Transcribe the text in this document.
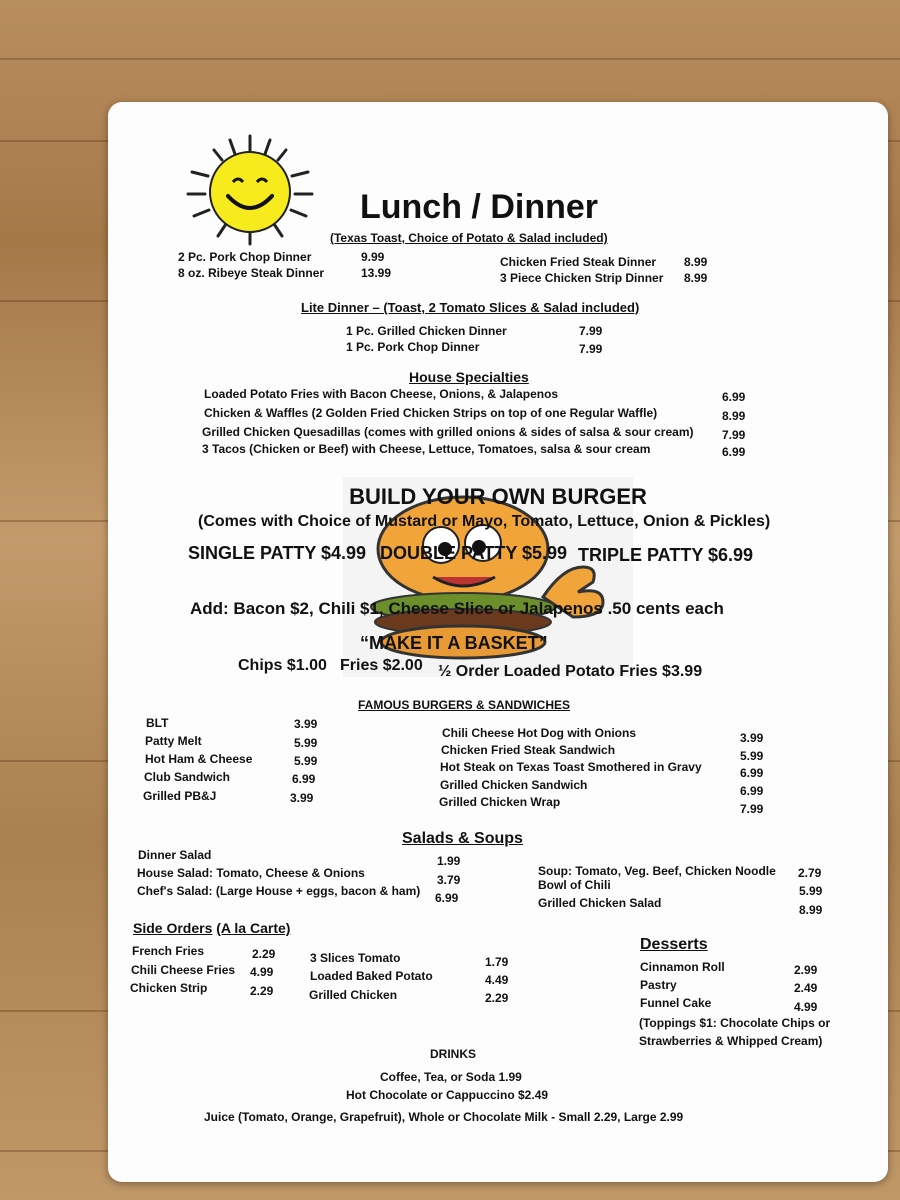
Lunch / Dinner
(Texas Toast, Choice of Potato & Salad included)
2 Pc. Pork Chop Dinner	9.99
8 oz. Ribeye Steak Dinner	13.99
Chicken Fried Steak Dinner 8.99
3 Piece Chicken Strip Dinner 8.99
Lite Dinner – (Toast, 2 Tomato Slices & Salad included)
1 Pc. Grilled Chicken Dinner	7.99
1 Pc. Pork Chop Dinner	7.99
House Specialties
Loaded Potato Fries with Bacon Cheese, Onions, & Jalapenos	6.99
Chicken & Waffles (2 Golden Fried Chicken Strips on top of one Regular Waffle)	8.99
Grilled Chicken Quesadillas (comes with grilled onions & sides of salsa & sour cream) 7.99
3 Tacos (Chicken or Beef) with Cheese, Lettuce, Tomatoes, salsa & sour cream	6.99
BUILD YOUR OWN BURGER
(Comes with Choice of Mustard or Mayo, Tomato, Lettuce, Onion & Pickles)
SINGLE PATTY $4.99 DOUBLE PATTY $5.99 TRIPLE PATTY $6.99
Add: Bacon $2, Chili $1, Cheese Slice or Jalapenos .50 cents each
“MAKE IT A BASKET”
Chips $1.00 Fries $2.00 ½ Order Loaded Potato Fries $3.99
FAMOUS BURGERS & SANDWICHES
BLT	3.99
Patty Melt	5.99
Hot Ham & Cheese	5.99
Club Sandwich	6.99
Grilled PB&J	3.99
Chili Cheese Hot Dog with Onions	3.99
Chicken Fried Steak Sandwich	5.99
Hot Steak on Texas Toast Smothered in Gravy	6.99
Grilled Chicken Sandwich	6.99
Grilled Chicken Wrap	7.99
Salads & Soups
Dinner Salad	1.99
House Salad: Tomato, Cheese & Onions	3.79
Chef's Salad: (Large House + eggs, bacon & ham) 6.99
Soup: Tomato, Veg. Beef, Chicken Noodle 2.79
Bowl of Chili	5.99
Grilled Chicken Salad	8.99
Side Orders (A la Carte)
French Fries	2.29
Chili Cheese Fries 4.99
Chicken Strip	2.29
3 Slices Tomato	1.79
Loaded Baked Potato	4.49
Grilled Chicken	2.29
Desserts
Cinnamon Roll	2.99
Pastry	2.49
Funnel Cake	4.99
(Toppings $1: Chocolate Chips or
Strawberries & Whipped Cream)
DRINKS
Coffee, Tea, or Soda 1.99
Hot Chocolate or Cappuccino $2.49
Juice (Tomato, Orange, Grapefruit), Whole or Chocolate Milk - Small 2.29, Large 2.99
